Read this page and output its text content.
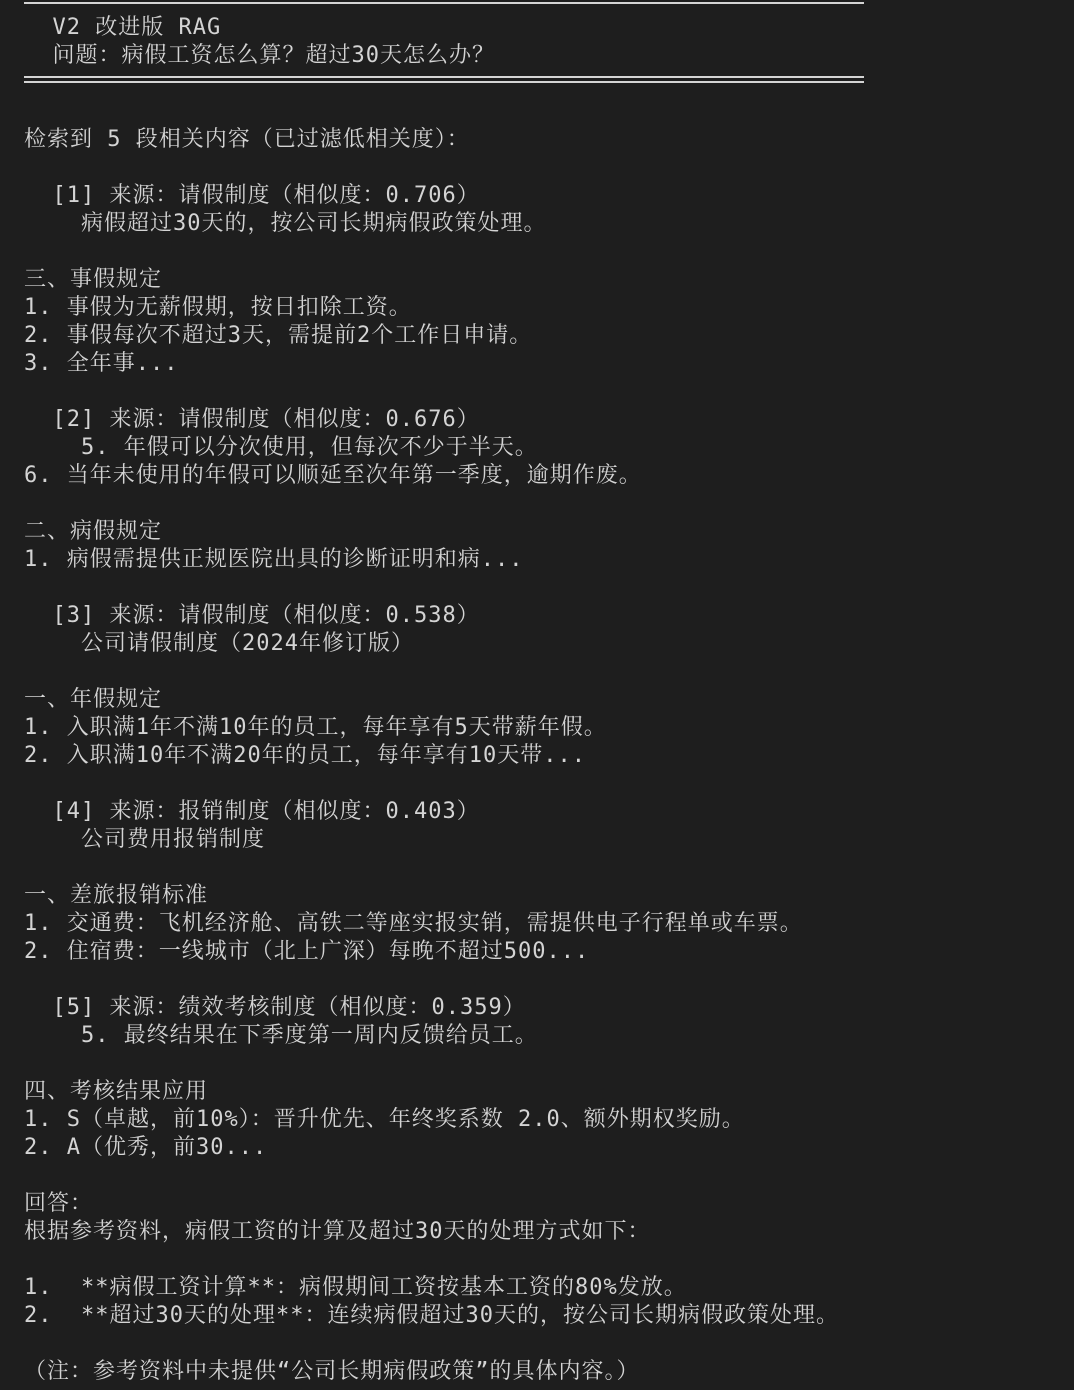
V2 改进版 RAG

问题：病假工资怎么算？超过30天怎么办？

检索到 5 段相关内容（已过滤低相关度）：

[1] 来源：请假制度（相似度：0.706）

病假超过30天的，按公司长期病假政策处理。

三、事假规定

1. 事假为无薪假期，按日扣除工资。

2. 事假每次不超过3天，需提前2个工作日申请。

3. 全年事...

[2] 来源：请假制度（相似度：0.676）

5. 年假可以分次使用，但每次不少于半天。

6. 当年未使用的年假可以顺延至次年第一季度，逾期作废。

二、病假规定

1. 病假需提供正规医院出具的诊断证明和病...

[3] 来源：请假制度（相似度：0.538）

公司请假制度（2024年修订版）

一、年假规定

1. 入职满1年不满10年的员工，每年享有5天带薪年假。

2. 入职满10年不满20年的员工，每年享有10天带...

[4] 来源：报销制度（相似度：0.403）

公司费用报销制度

一、差旅报销标准

1. 交通费：飞机经济舱、高铁二等座实报实销，需提供电子行程单或车票。

2. 住宿费：一线城市（北上广深）每晚不超过500...

[5] 来源：绩效考核制度（相似度：0.359）

5. 最终结果在下季度第一周内反馈给员工。

四、考核结果应用

1. S（卓越，前10%）：晋升优先、年终奖系数 2.0、额外期权奖励。

2. A（优秀，前30...

回答：

根据参考资料，病假工资的计算及超过30天的处理方式如下：

1.  **病假工资计算**：病假期间工资按基本工资的80%发放。

2.  **超过30天的处理**：连续病假超过30天的，按公司长期病假政策处理。

（注：参考资料中未提供“公司长期病假政策”的具体内容。）
